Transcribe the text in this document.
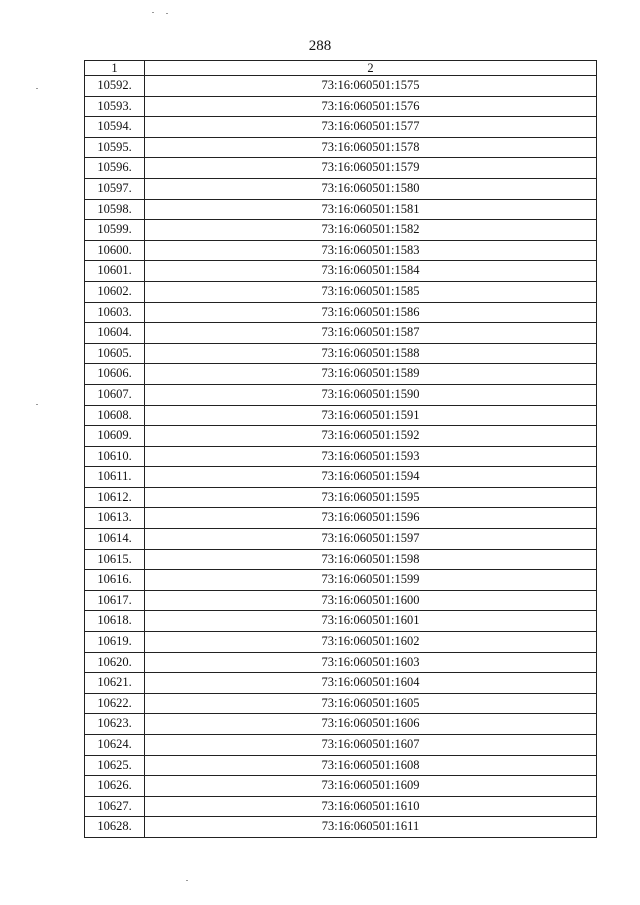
288
1	2
10592.	73:16:060501:1575
10593.	73:16:060501:1576
10594.	73:16:060501:1577
10595.	73:16:060501:1578
10596.	73:16:060501:1579
10597.	73:16:060501:1580
10598.	73:16:060501:1581
10599.	73:16:060501:1582
10600.	73:16:060501:1583
10601.	73:16:060501:1584
10602.	73:16:060501:1585
10603.	73:16:060501:1586
10604.	73:16:060501:1587
10605.	73:16:060501:1588
10606.	73:16:060501:1589
10607.	73:16:060501:1590
10608.	73:16:060501:1591
10609.	73:16:060501:1592
10610.	73:16:060501:1593
10611.	73:16:060501:1594
10612.	73:16:060501:1595
10613.	73:16:060501:1596
10614.	73:16:060501:1597
10615.	73:16:060501:1598
10616.	73:16:060501:1599
10617.	73:16:060501:1600
10618.	73:16:060501:1601
10619.	73:16:060501:1602
10620.	73:16:060501:1603
10621.	73:16:060501:1604
10622.	73:16:060501:1605
10623.	73:16:060501:1606
10624.	73:16:060501:1607
10625.	73:16:060501:1608
10626.	73:16:060501:1609
10627.	73:16:060501:1610
10628.	73:16:060501:1611
